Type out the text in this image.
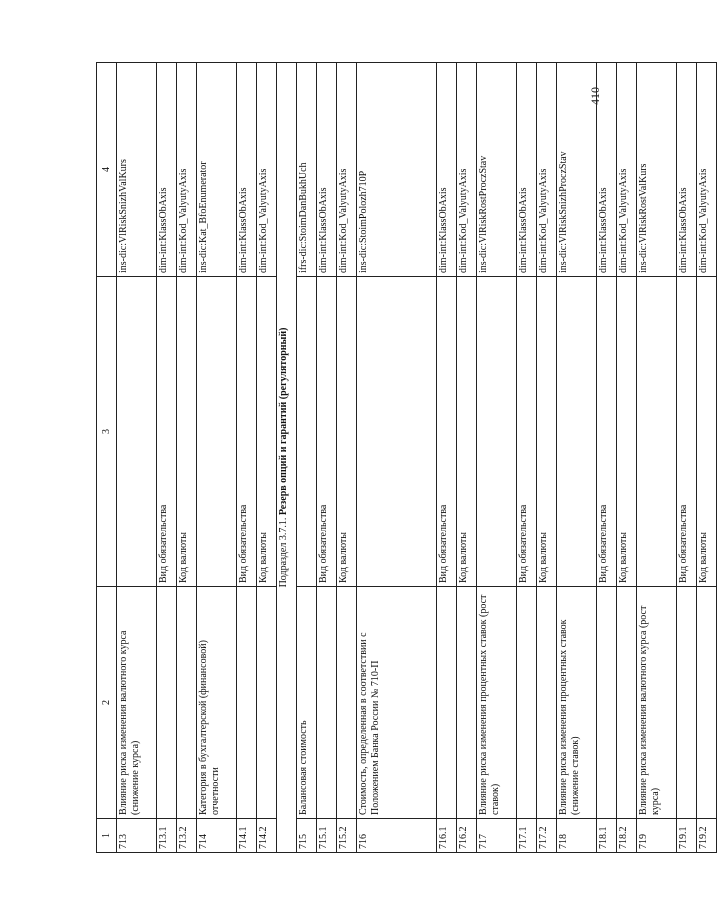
410
1	2	3	4
713	Влияние риска изменения валютного курса (снижение курса)		ins-dic:VlRiskSnizhValKurs
713.1		Вид обязательства	dim-int:KlassObAxis
713.2		Код валюты	dim-int:Kod_ValyutyAxis
714	Категория в бухгалтерской (финансовой) отчетности		ins-dic:Kat_BfoEnumerator
714.1		Вид обязательства	dim-int:KlassObAxis
714.2		Код валюты	dim-int:Kod_ValyutyAxis
Подраздел 3.7.1. Резерв опций и гарантий (регуляторный)			
715	Балансовая стоимость		ifrs-dic:StoimDanBukhUch
715.1		Вид обязательства	dim-int:KlassObAxis
715.2		Код валюты	dim-int:Kod_ValyutyAxis
716	Стоимость, определенная в соответствии с Положением Банка России № 710-П		ins-dic:StoimPolozh710P
716.1		Вид обязательства	dim-int:KlassObAxis
716.2		Код валюты	dim-int:Kod_ValyutyAxis
717	Влияние риска изменения процентных ставок (рост ставок)		ins-dic:VlRiskRostProczStav
717.1		Вид обязательства	dim-int:KlassObAxis
717.2		Код валюты	dim-int:Kod_ValyutyAxis
718	Влияние риска изменения процентных ставок (снижение ставок)		ins-dic:VlRiskSnizhProczStav
718.1		Вид обязательства	dim-int:KlassObAxis
718.2		Код валюты	dim-int:Kod_ValyutyAxis
719	Влияние риска изменения валютного курса (рост курса)		ins-dic:VlRiskRostValKurs
719.1		Вид обязательства	dim-int:KlassObAxis
719.2		Код валюты	dim-int:Kod_ValyutyAxis
